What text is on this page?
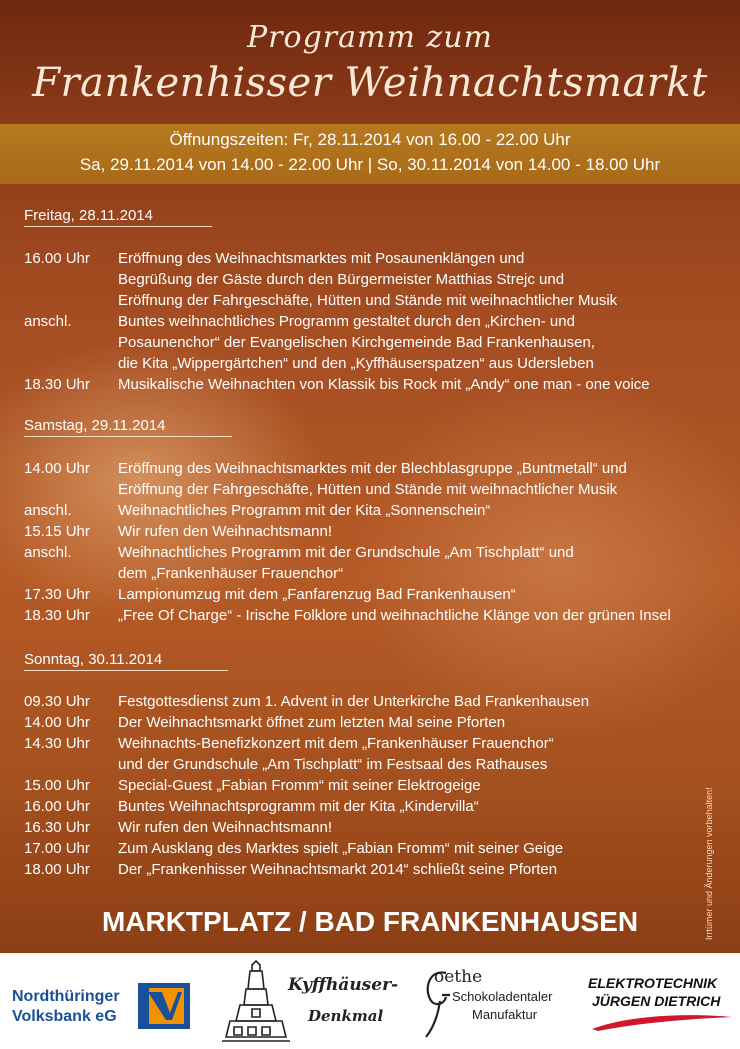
Programm zum
Frankenhisser Weihnachtsmarkt
Öffnungszeiten: Fr, 28.11.2014 von 16.00 - 22.00 Uhr
Sa, 29.11.2014 von 14.00 - 22.00 Uhr | So, 30.11.2014 von 14.00 - 18.00 Uhr
Freitag, 28.11.2014
16.00 Uhr	Eröffnung des Weihnachtsmarktes mit Posaunenklängen und
Begrüßung der Gäste durch den Bürgermeister Matthias Strejc und
Eröffnung der Fahrgeschäfte, Hütten und Stände mit weihnachtlicher Musik
anschl.	Buntes weihnachtliches Programm gestaltet durch den „Kirchen- und
Posaunenchor“ der Evangelischen Kirchgemeinde Bad Frankenhausen,
die Kita „Wippergärtchen“ und den „Kyffhäuserspatzen“ aus Udersleben
18.30 Uhr	Musikalische Weihnachten von Klassik bis Rock mit „Andy“ one man - one voice
Samstag, 29.11.2014
14.00 Uhr	Eröffnung des Weihnachtsmarktes mit der Blechblasgruppe „Buntmetall“ und
Eröffnung der Fahrgeschäfte, Hütten und Stände mit weihnachtlicher Musik
anschl.	Weihnachtliches Programm mit der Kita „Sonnenschein“
15.15 Uhr	Wir rufen den Weihnachtsmann!
anschl.	Weihnachtliches Programm mit der Grundschule „Am Tischplatt“ und
dem „Frankenhäuser Frauenchor“
17.30 Uhr	Lampionumzug mit dem „Fanfarenzug Bad Frankenhausen“
18.30 Uhr	„Free Of Charge“ - Irische Folklore und weihnachtliche Klänge von der grünen Insel
Sonntag, 30.11.2014
09.30 Uhr	Festgottesdienst zum 1. Advent in der Unterkirche Bad Frankenhausen
14.00 Uhr	Der Weihnachtsmarkt öffnet zum letzten Mal seine Pforten
14.30 Uhr	Weihnachts-Benefizkonzert mit dem „Frankenhäuser Frauenchor“
und der Grundschule „Am Tischplatt“ im Festsaal des Rathauses
15.00 Uhr	Special-Guest „Fabian Fromm“ mit seiner Elektrogeige
16.00 Uhr	Buntes Weihnachtsprogramm mit der Kita „Kindervilla“
16.30 Uhr	Wir rufen den Weihnachtsmann!
17.00 Uhr	Zum Ausklang des Marktes spielt „Fabian Fromm“ mit seiner Geige
18.00 Uhr	Der „Frankenhisser Weihnachtsmarkt 2014“ schließt seine Pforten
MARKTPLATZ / BAD FRANKENHAUSEN	Irrtümer und Änderungen vorbehalten!
Nordthüringer
Volksbank eG
Kyffhäuser-
Denkmal
oethe
Schokoladentaler
Manufaktur
ELEKTROTECHNIK
JÜRGEN DIETRICH
